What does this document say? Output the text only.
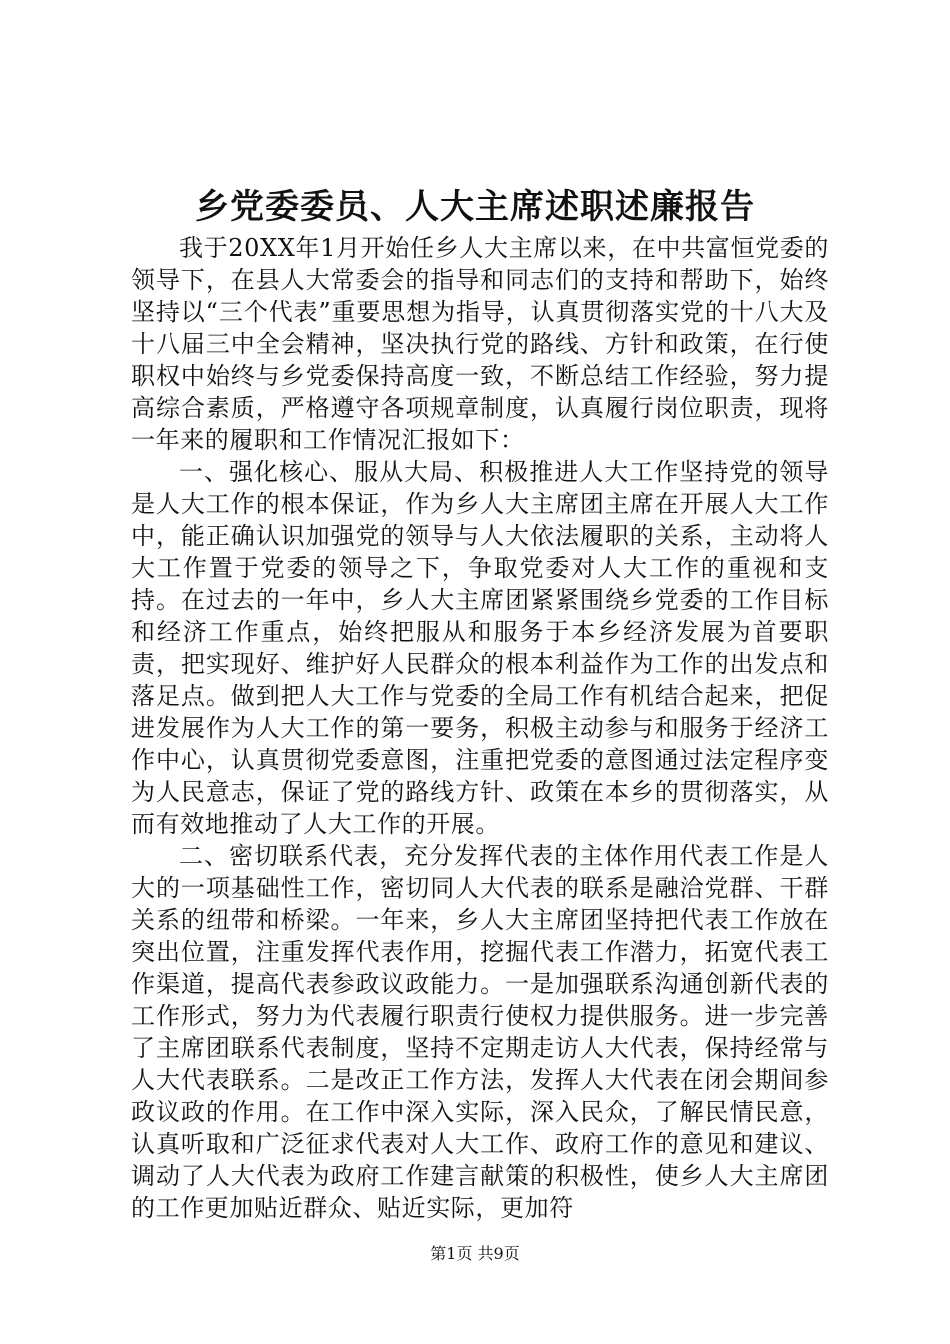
乡党委委员、人大主席述职述廉报告

我于20XX年1月开始任乡人大主席以来，在中共富恒党委的领导下，在县人大常委会的指导和同志们的支持和帮助下，始终坚持以“三个代表”重要思想为指导，认真贯彻落实党的十八大及十八届三中全会精神，坚决执行党的路线、方针和政策，在行使职权中始终与乡党委保持高度一致，不断总结工作经验，努力提高综合素质，严格遵守各项规章制度，认真履行岗位职责，现将一年来的履职和工作情况汇报如下：

一、强化核心、服从大局、积极推进人大工作坚持党的领导是人大工作的根本保证，作为乡人大主席团主席在开展人大工作中，能正确认识加强党的领导与人大依法履职的关系，主动将人大工作置于党委的领导之下，争取党委对人大工作的重视和支持。在过去的一年中，乡人大主席团紧紧围绕乡党委的工作目标和经济工作重点，始终把服从和服务于本乡经济发展为首要职责，把实现好、维护好人民群众的根本利益作为工作的出发点和落足点。做到把人大工作与党委的全局工作有机结合起来，把促进发展作为人大工作的第一要务，积极主动参与和服务于经济工作中心，认真贯彻党委意图，注重把党委的意图通过法定程序变为人民意志，保证了党的路线方针、政策在本乡的贯彻落实，从而有效地推动了人大工作的开展。

二、密切联系代表，充分发挥代表的主体作用代表工作是人大的一项基础性工作，密切同人大代表的联系是融洽党群、干群关系的纽带和桥梁。一年来，乡人大主席团坚持把代表工作放在突出位置，注重发挥代表作用，挖掘代表工作潜力，拓宽代表工作渠道，提高代表参政议政能力。一是加强联系沟通创新代表的工作形式，努力为代表履行职责行使权力提供服务。进一步完善了主席团联系代表制度，坚持不定期走访人大代表，保持经常与人大代表联系。二是改正工作方法，发挥人大代表在闭会期间参政议政的作用。在工作中深入实际，深入民众，了解民情民意，认真听取和广泛征求代表对人大工作、政府工作的意见和建议、调动了人大代表为政府工作建言献策的积极性，使乡人大主席团的工作更加贴近群众、贴近实际，更加符

第1页 共9页
